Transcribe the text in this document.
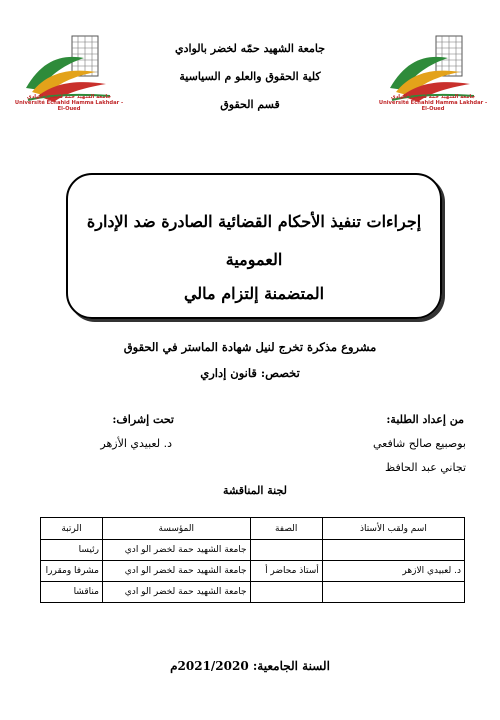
جامعة الشهيد حمة لخضر - الوادي
Université Echahid Hamma Lakhdar - El-Oued
جامعة الشهيد حمة لخضر - الوادي
Université Echahid Hamma Lakhdar - El-Oued
جامعة الشهيد حمّه لخضر بالوادي
كلية الحقوق والعلو م السياسية
قسم الحقوق
إجراءات تنفيذ الأحكام القضائية الصادرة ضد الإدارة
العمومية
المتضمنة إلتزام مالي
مشروع مذكرة تخرج لنيل شهادة الماستر في الحقوق
تخصص: قانون إداري
من إعداد الطلبة:
بوصبيع صالح شافعي
تجاني عبد الحافظ
تحت إشراف:
د. لعبيدي الأزهر
لجنة المناقشة
اسم ولقب الأستاذ	الصفة	المؤسسة	الرتبة
		جامعة الشهيد حمة لخضر الو ادي	رئيسا
د. لعبيدي الازهر	أستاذ محاضر أ	جامعة الشهيد حمة لخضر الو ادي	مشرفا ومقررا
		جامعة الشهيد حمة لخضر الو ادي	مناقشا
السنة الجامعية: 2021/2020م
